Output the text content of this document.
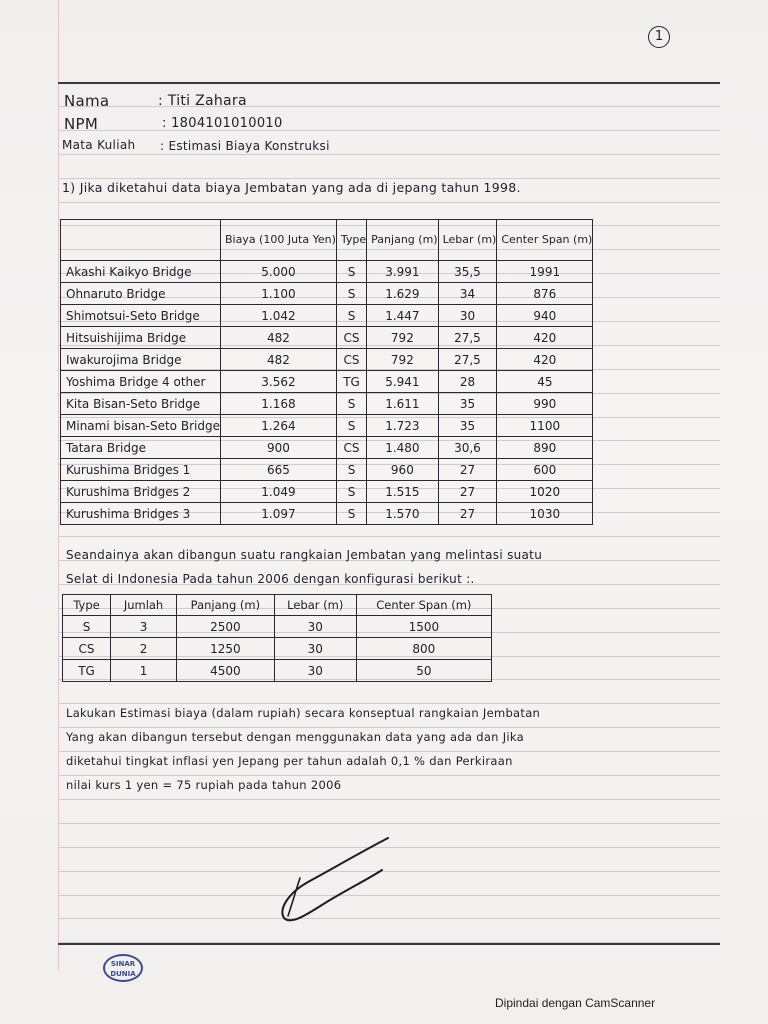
1
Nama	: Titi Zahara
NPM	: 1804101010010
Mata Kuliah : Estimasi Biaya Konstruksi
1) Jika diketahui data biaya Jembatan yang ada di jepang tahun 1998.
	Biaya (100 Juta Yen)	Type	Panjang (m)	Lebar (m)	Center Span (m)
Akashi Kaikyo Bridge	5.000	S	3.991	35,5	1991
Ohnaruto Bridge	1.100	S	1.629	34	876
Shimotsui-Seto Bridge	1.042	S	1.447	30	940
Hitsuishijima Bridge	482	CS	792	27,5	420
Iwakurojima Bridge	482	CS	792	27,5	420
Yoshima Bridge 4 other	3.562	TG	5.941	28	45
Kita Bisan-Seto Bridge	1.168	S	1.611	35	990
Minami bisan-Seto Bridge	1.264	S	1.723	35	1100
Tatara Bridge	900	CS	1.480	30,6	890
Kurushima Bridges 1	665	S	960	27	600
Kurushima Bridges 2	1.049	S	1.515	27	1020
Kurushima Bridges 3	1.097	S	1.570	27	1030
Seandainya akan dibangun suatu rangkaian Jembatan yang melintasi suatu
Selat di Indonesia Pada tahun 2006 dengan konfigurasi berikut :.
Type	Jumlah	Panjang (m)	Lebar (m)	Center Span (m)
S	3	2500	30	1500
CS	2	1250	30	800
TG	1	4500	30	50
Lakukan Estimasi biaya (dalam rupiah) secara konseptual rangkaian Jembatan
Yang akan dibangun tersebut dengan menggunakan data yang ada dan Jika
diketahui tingkat inflasi yen Jepang per tahun adalah 0,1 % dan Perkiraan
nilai kurs 1 yen = 75 rupiah pada tahun 2006
SINAR
DUNIA
Dipindai dengan CamScanner
